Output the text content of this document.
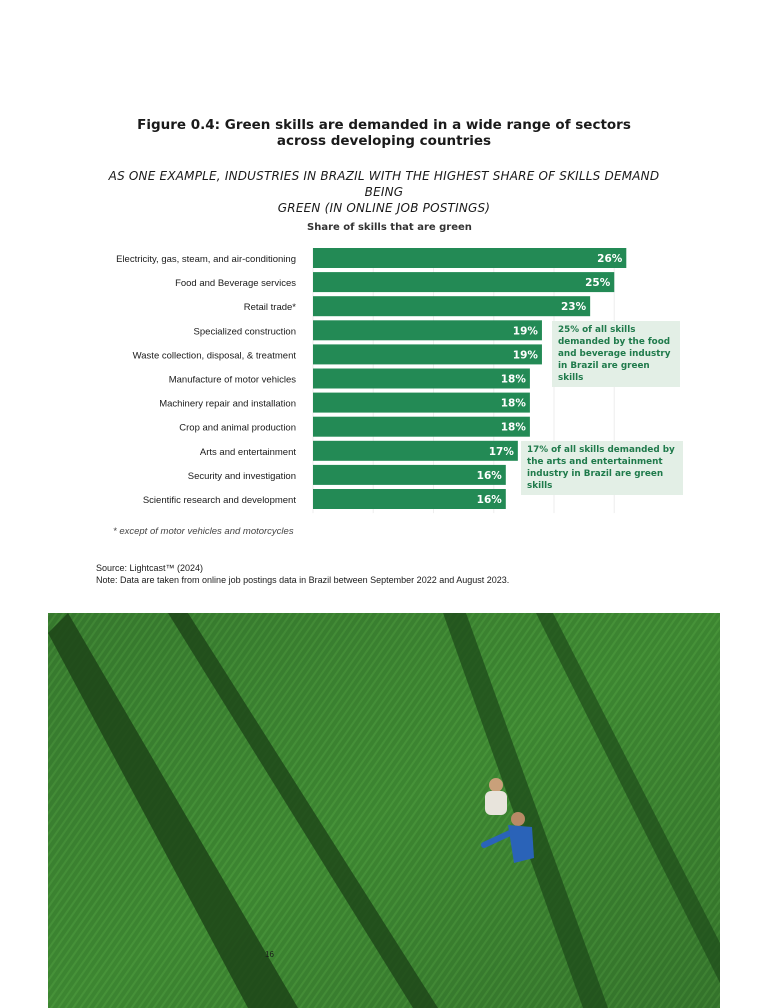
Figure 0.4: Green skills are demanded in a wide range of sectors
across developing countries
AS ONE EXAMPLE, INDUSTRIES IN BRAZIL WITH THE HIGHEST SHARE OF SKILLS DEMAND BEING
GREEN (IN ONLINE JOB POSTINGS)
Share of skills that are green
26%
Electricity, gas, steam, and air-conditioning
25%
Food and Beverage services
23%
Retail trade*
19%
Specialized construction
19%
Waste collection, disposal, & treatment
18%
Manufacture of motor vehicles
18%
Machinery repair and installation
18%
Crop and animal production
17%
Arts and entertainment
16%
Security and investigation
16%
Scientific research and development
25% of all skills
demanded by the food
and beverage industry
in Brazil are green skills
17% of all skills demanded by
the arts and entertainment
industry in Brazil are green skills
* except of motor vehicles and motorcycles
Source: Lightcast™ (2024)
Note: Data are taken from online job postings data in Brazil between September 2022 and August 2023.
16
◎
